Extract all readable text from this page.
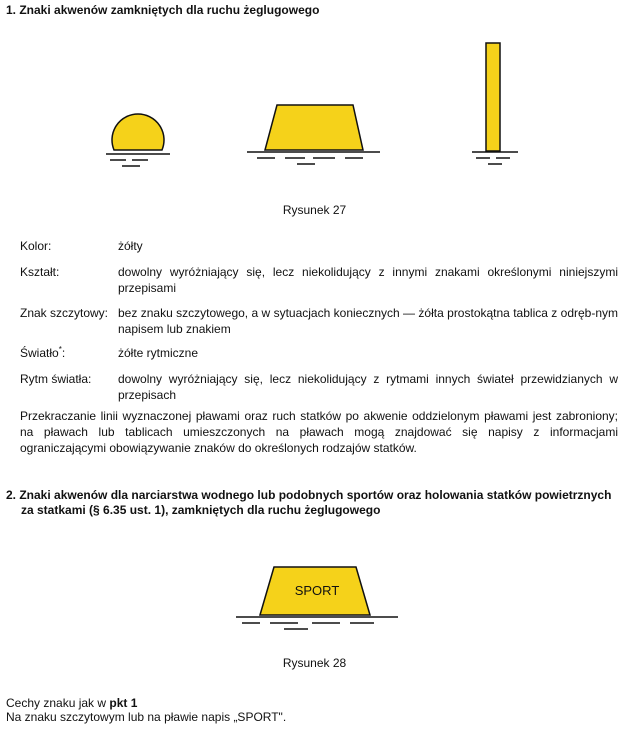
1. Znaki akwenów zamkniętych dla ruchu żeglugowego
Rysunek 27
Kolor:	żółty
Kształt:	dowolny wyróżniający się, lecz niekolidujący z innymi znakami określonymi niniejszymi przepisami
Znak szczytowy: bez znaku szczytowego, a w sytuacjach koniecznych — żółta prostokątna tablica z odręb-nym napisem lub znakiem
Światło*:	żółte rytmiczne
Rytm światła: dowolny wyróżniający się, lecz niekolidujący z rytmami innych świateł przewidzianych w przepisach
Przekraczanie linii wyznaczonej pławami oraz ruch statków po akwenie oddzielonym pławami jest zabroniony; na pławach lub tablicach umieszczonych na pławach mogą znajdować się napisy z informacjami ograniczającymi obowiązywanie znaków do określonych rodzajów statków.
2. Znaki akwenów dla narciarstwa wodnego lub podobnych sportów oraz holowania statków powietrznych
za statkami (§ 6.35 ust. 1), zamkniętych dla ruchu żeglugowego
SPORT
Rysunek 28
Cechy znaku jak w pkt 1
Na znaku szczytowym lub na pławie napis „SPORT".
